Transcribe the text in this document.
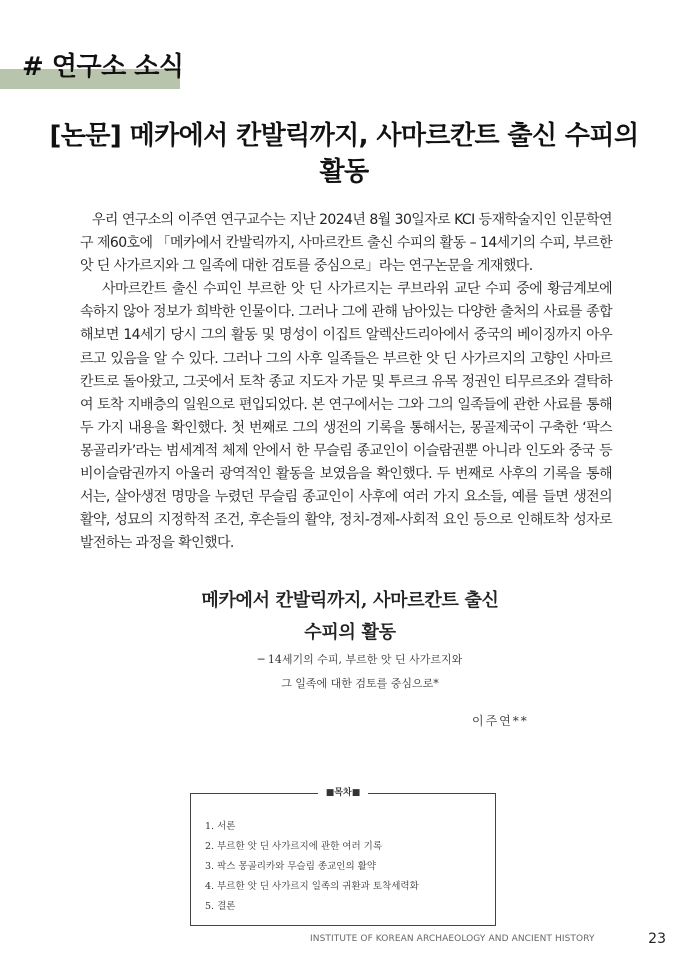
# 연구소 소식
[논문] 메카에서 칸발릭까지, 사마르칸트 출신 수피의 활동

우리 연구소의 이주연 연구교수는 지난 2024년 8월 30일자로 KCI 등재학술지인 인문학연구 제60호에 「메카에서 칸발릭까지, 사마르칸트 출신 수피의 활동 – 14세기의 수피, 부르한 앗 딘 사가르지와 그 일족에 대한 검토를 중심으로」라는 연구논문을 게재했다.

사마르칸트 출신 수피인 부르한 앗 딘 사가르지는 쿠브라위 교단 수피 중에 황금계보에 속하지 않아 정보가 희박한 인물이다. 그러나 그에 관해 남아있는 다양한 출처의 사료를 종합해보면 14세기 당시 그의 활동 및 명성이 이집트 알렉산드리아에서 중국의 베이징까지 아우르고 있음을 알 수 있다. 그러나 그의 사후 일족들은 부르한 앗 딘 사가르지의 고향인 사마르칸트로 돌아왔고, 그곳에서 토착 종교 지도자 가문 및 투르크 유목 정권인 티무르조와 결탁하여 토착 지배층의 일원으로 편입되었다. 본 연구에서는 그와 그의 일족들에 관한 사료를 통해 두 가지 내용을 확인했다. 첫 번째로 그의 생전의 기록을 통해서는, 몽골제국이 구축한 ‘팍스 몽골리카’라는 범세계적 체제 안에서 한 무슬림 종교인이 이슬람권뿐 아니라 인도와 중국 등 비이슬람권까지 아울러 광역적인 활동을 보였음을 확인했다. 두 번째로 사후의 기록을 통해서는, 살아생전 명망을 누렸던 무슬림 종교인이 사후에 여러 가지 요소들, 예를 들면 생전의 활약, 성묘의 지정학적 조건, 후손들의 활약, 정치-경제-사회적 요인 등으로 인해토착 성자로 발전하는 과정을 확인했다.

메카에서 칸발릭까지, 사마르칸트 출신
수피의 활동
─ 14세기의 수피, 부르한 앗 딘 사가르지와
그 일족에 대한 검토를 중심으로*
이주연**
■목차■
1. 서론
2. 부르한 앗 딘 사가르지에 관한 여러 기록
3. 팍스 몽골리카와 무슬림 종교인의 활약
4. 부르한 앗 딘 사가르지 일족의 귀환과 토착세력화
5. 결론
INSTITUTE OF KOREAN ARCHAEOLOGY AND ANCIENT HISTORY	23
